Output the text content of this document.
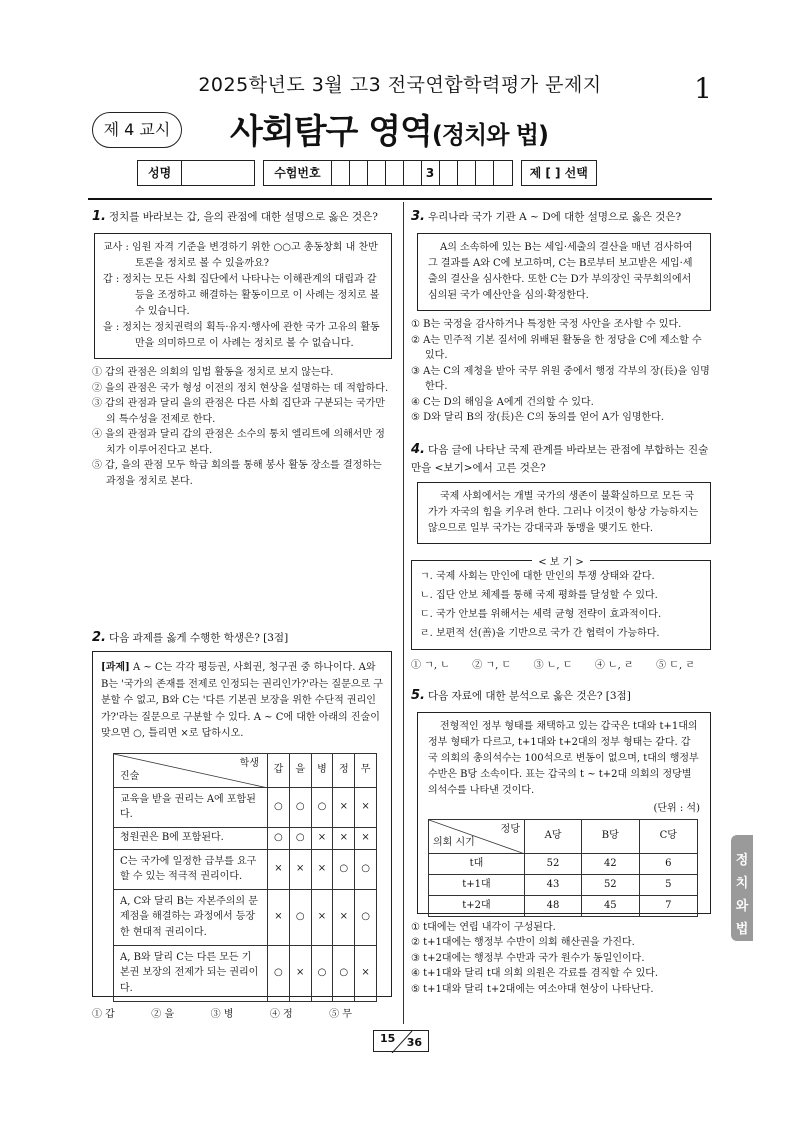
2025학년도 3월 고3 전국연합학력평가 문제지	1
제 4 교시	사회탐구 영역(정치와 법)
성명	수험번호	3	제 [ ] 선택
1. 정치를 바라보는 갑, 을의 관점에 대한 설명으로 옳은 것은?
교사 : 임원 자격 기준을 변경하기 위한 ○○고 총동창회 내 찬반 토론을 정치로 볼 수 있을까요?
갑 : 정치는 모든 사회 집단에서 나타나는 이해관계의 대립과 갈등을 조정하고 해결하는 활동이므로 이 사례는 정치로 볼 수 있습니다.
을 : 정치는 정치권력의 획득·유지·행사에 관한 국가 고유의 활동만을 의미하므로 이 사례는 정치로 볼 수 없습니다.
① 갑의 관점은 의회의 입법 활동을 정치로 보지 않는다.
② 을의 관점은 국가 형성 이전의 정치 현상을 설명하는 데 적합하다.
③ 갑의 관점과 달리 을의 관점은 다른 사회 집단과 구분되는 국가만의 특수성을 전제로 한다.
④ 을의 관점과 달리 갑의 관점은 소수의 통치 엘리트에 의해서만 정치가 이루어진다고 본다.
⑤ 갑, 을의 관점 모두 학급 회의를 통해 봉사 활동 장소를 결정하는 과정을 정치로 본다.
2. 다음 과제를 옳게 수행한 학생은? [3점]
[과제] A ~ C는 각각 평등권, 사회권, 청구권 중 하나이다. A와 B는 '국가의 존재를 전제로 인정되는 권리인가?'라는 질문으로 구분할 수 없고, B와 C는 '다른 기본권 보장을 위한 수단적 권리인가?'라는 질문으로 구분할 수 있다. A ~ C에 대한 아래의 진술이 맞으면 ○, 틀리면 ×로 답하시오.
학생
진술	갑	을	병	정	무
교육을 받을 권리는 A에 포함된다.	○	○	○	×	×
청원권은 B에 포함된다.	○	○	×	×	×
C는 국가에 일정한 급부를 요구할 수 있는 적극적 권리이다.	×	×	×	○	○
A, C와 달리 B는 자본주의의 문제점을 해결하는 과정에서 등장한 현대적 권리이다.	×	○	×	×	○
A, B와 달리 C는 다른 모든 기본권 보장의 전제가 되는 권리이다.	○	×	○	○	×
① 갑	② 을	③ 병	④ 정	⑤ 무
3. 우리나라 국가 기관 A ~ D에 대한 설명으로 옳은 것은?
A의 소속하에 있는 B는 세입·세출의 결산을 매년 검사하여 그 결과를 A와 C에 보고하며, C는 B로부터 보고받은 세입·세출의 결산을 심사한다. 또한 C는 D가 부의장인 국무회의에서 심의된 국가 예산안을 심의·확정한다.
① B는 국정을 감사하거나 특정한 국정 사안을 조사할 수 있다.
② A는 민주적 기본 질서에 위배된 활동을 한 정당을 C에 제소할 수 있다.
③ A는 C의 제청을 받아 국무 위원 중에서 행정 각부의 장(長)을 임명한다.
④ C는 D의 해임을 A에게 건의할 수 있다.
⑤ D와 달리 B의 장(長)은 C의 동의를 얻어 A가 임명한다.
4. 다음 글에 나타난 국제 관계를 바라보는 관점에 부합하는 진술만을 <보기>에서 고른 것은?
국제 사회에서는 개별 국가의 생존이 불확실하므로 모든 국가가 자국의 힘을 키우려 한다. 그러나 이것이 항상 가능하지는 않으므로 일부 국가는 강대국과 동맹을 맺기도 한다.
< 보 기 >
ㄱ. 국제 사회는 만인에 대한 만인의 투쟁 상태와 같다.
ㄴ. 집단 안보 체제를 통해 국제 평화를 달성할 수 있다.
ㄷ. 국가 안보를 위해서는 세력 균형 전략이 효과적이다.
ㄹ. 보편적 선(善)을 기반으로 국가 간 협력이 가능하다.
① ㄱ, ㄴ ② ㄱ, ㄷ ③ ㄴ, ㄷ ④ ㄴ, ㄹ ⑤ ㄷ, ㄹ
5. 다음 자료에 대한 분석으로 옳은 것은? [3점]
전형적인 정부 형태를 채택하고 있는 갑국은 t대와 t+1대의 정부 형태가 다르고, t+1대와 t+2대의 정부 형태는 같다. 갑국 의회의 총의석수는 100석으로 변동이 없으며, t대의 행정부 수반은 B당 소속이다. 표는 갑국의 t ~ t+2대 의회의 정당별 의석수를 나타낸 것이다.
(단위 : 석)
정당
의회 시기	A당	B당	C당
t대	52	42	6
t+1대	43	52	5
t+2대	48	45	7
① t대에는 연립 내각이 구성된다.
② t+1대에는 행정부 수반이 의회 해산권을 가진다.
③ t+2대에는 행정부 수반과 국가 원수가 동일인이다.
④ t+1대와 달리 t대 의회 의원은 각료를 겸직할 수 있다.
⑤ t+1대와 달리 t+2대에는 여소야대 현상이 나타난다.
정치와법
15 36
